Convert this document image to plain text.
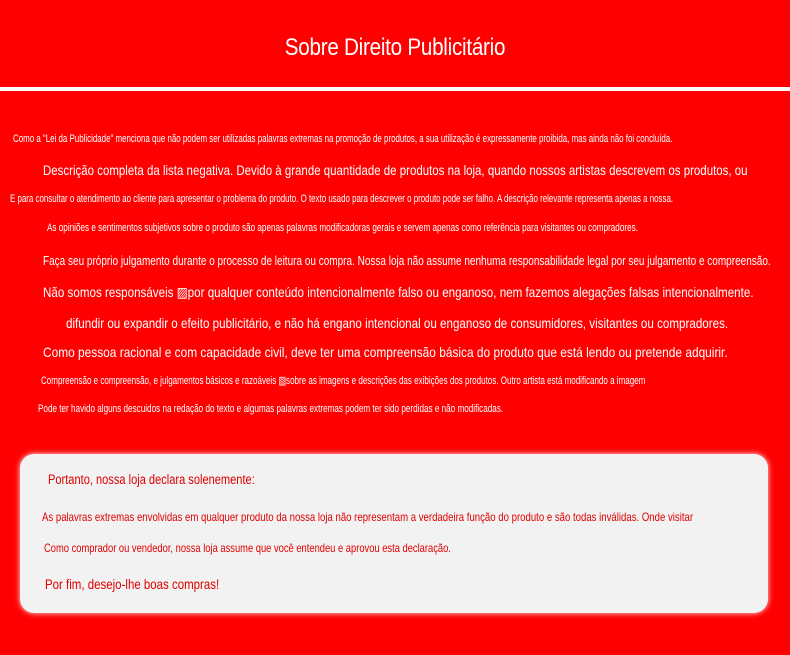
Sobre Direito Publicitário
Como a "Lei da Publicidade" menciona que não podem ser utilizadas palavras extremas na promoção de produtos, a sua utilização é expressamente proibida, mas ainda não foi concluída.
Descrição completa da lista negativa. Devido à grande quantidade de produtos na loja, quando nossos artistas descrevem os produtos, ou
E para consultar o atendimento ao cliente para apresentar o problema do produto. O texto usado para descrever o produto pode ser falho. A descrição relevante representa apenas a nossa.
As opiniões e sentimentos subjetivos sobre o produto são apenas palavras modificadoras gerais e servem apenas como referência para visitantes ou compradores.
Faça seu próprio julgamento durante o processo de leitura ou compra. Nossa loja não assume nenhuma responsabilidade legal por seu julgamento e compreensão.
Não somos responsáveis ▨por qualquer conteúdo intencionalmente falso ou enganoso, nem fazemos alegações falsas intencionalmente.
difundir ou expandir o efeito publicitário, e não há engano intencional ou enganoso de consumidores, visitantes ou compradores.
Como pessoa racional e com capacidade civil, deve ter uma compreensão básica do produto que está lendo ou pretende adquirir.
Compreensão e compreensão, e julgamentos básicos e razoáveis ▨sobre as imagens e descrições das exibições dos produtos. Outro artista está modificando a imagem
Pode ter havido alguns descuidos na redação do texto e algumas palavras extremas podem ter sido perdidas e não modificadas.
Portanto, nossa loja declara solenemente:
As palavras extremas envolvidas em qualquer produto da nossa loja não representam a verdadeira função do produto e são todas inválidas. Onde visitar
Como comprador ou vendedor, nossa loja assume que você entendeu e aprovou esta declaração.
Por fim, desejo-lhe boas compras!
